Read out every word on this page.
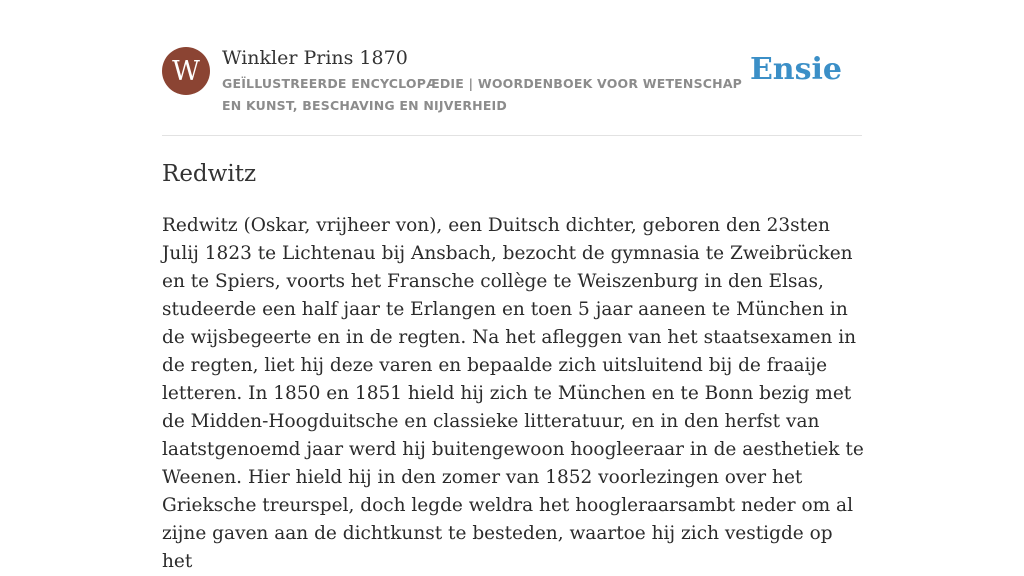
W	Winkler Prins 1870
GEÏLLUSTREERDE ENCYCLOPÆDIE | WOORDENBOEK VOOR WETENSCHAP EN KUNST, BESCHAVING EN NIJVERHEID
Ensie
Redwitz

Redwitz (Oskar, vrijheer von), een Duitsch dichter, geboren den 23sten Julij 1823 te Lichtenau bij Ansbach, bezocht de gymnasia te Zweibrücken en te Spiers, voorts het Fransche collège te Weiszenburg in den Elsas, studeerde een half jaar te Erlangen en toen 5 jaar aaneen te München in de wijsbegeerte en in de regten. Na het afleggen van het staatsexamen in de regten, liet hij deze varen en bepaalde zich uitsluitend bij de fraaije letteren. In 1850 en 1851 hield hij zich te München en te Bonn bezig met de Midden-Hoogduitsche en classieke litteratuur, en in den herfst van laatstgenoemd jaar werd hij buitengewoon hoogleeraar in de aesthetiek te Weenen. Hier hield hij in den zomer van 1852 voorlezingen over het Grieksche treurspel, doch legde weldra het hoogleraarsambt neder om al zijne gaven aan de dichtkunst te besteden, waartoe hij zich vestigde op het
